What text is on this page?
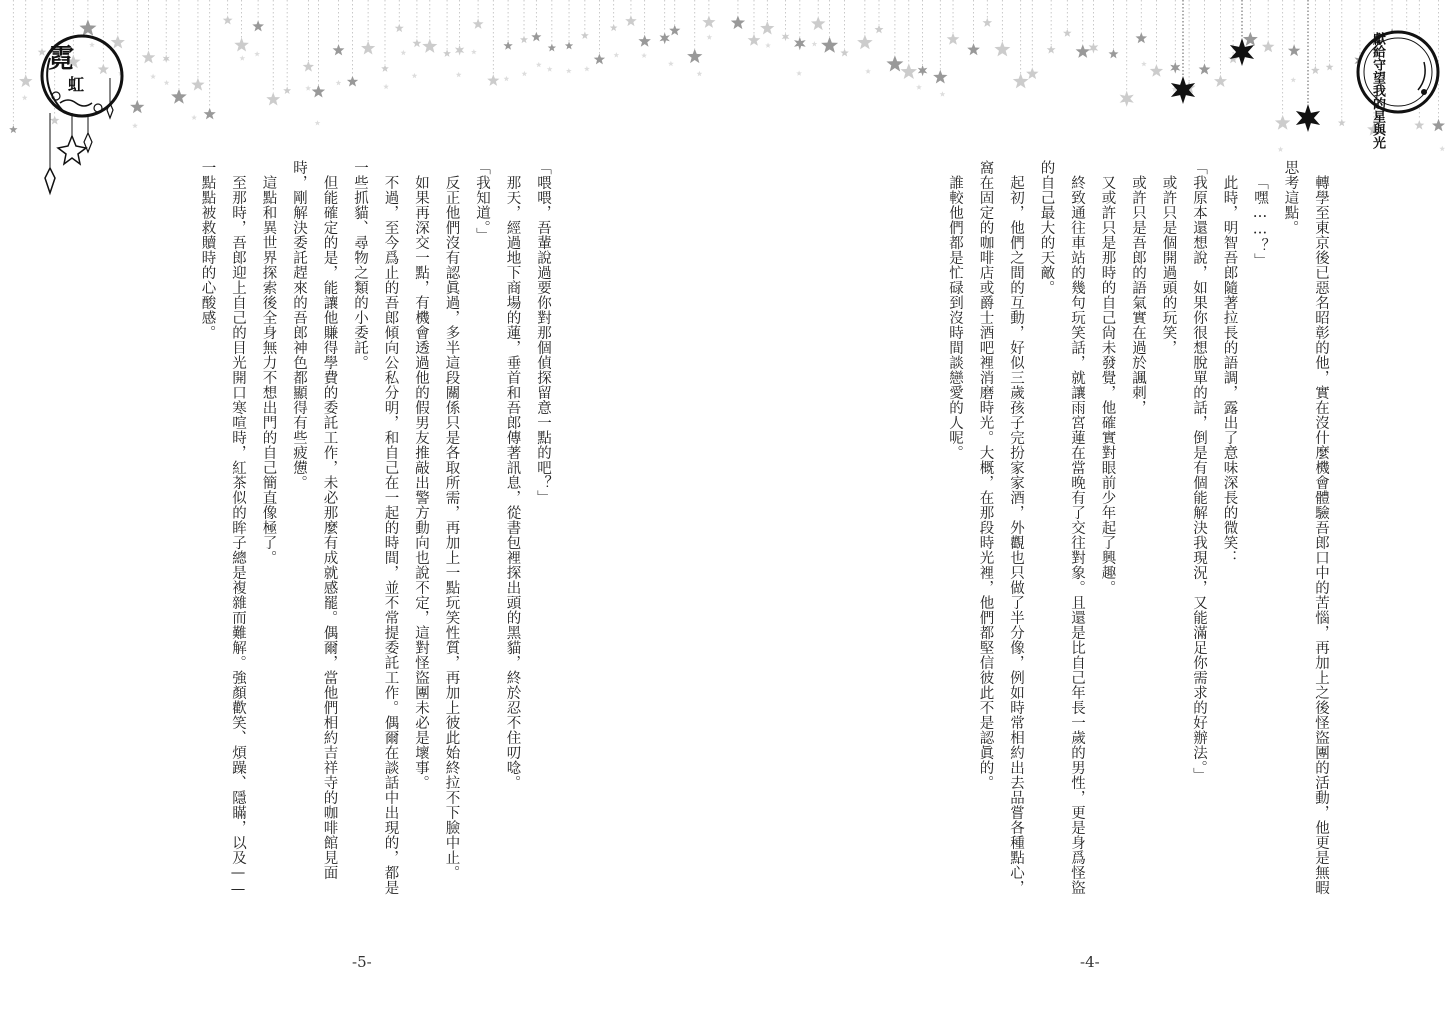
霓
虹

「喂喂，吾輩說過要你對那個偵探留意一點的吧？」

那天，經過地下商場的蓮，垂首和吾郎傳著訊息，從書包裡探出頭的黑貓，終於忍不住叨唸。

「我知道。」

反正他們沒有認眞過，多半這段關係只是各取所需，再加上一點玩笑性質，再加上彼此始終拉不下臉中止。

如果再深交一點，有機會透過他的假男友推敲出警方動向也說不定，這對怪盜團未必是壞事。

不過，至今爲止的吾郎傾向公私分明，和自己在一起的時間，並不常提委託工作。偶爾在談話中出現的，都是一些抓貓、尋物之類的小委託。

但能確定的是，能讓他賺得學費的委託工作，未必那麼有成就感罷。偶爾，當他們相約吉祥寺的咖啡館見面時，剛解決委託趕來的吾郎神色都顯得有些疲憊。

這點和異世界探索後全身無力不想出門的自己簡直像極了。

至那時，吾郎迎上自己的目光開口寒喧時，紅茶似的眸子總是複雜而難解。強顏歡笑、煩躁、隱瞞，以及——一點點被救贖時的心酸感。

-5-
獻給守望我的星與光

轉學至東京後已惡名昭彰的他，實在沒什麼機會體驗吾郎口中的苦惱，再加上之後怪盜團的活動，他更是無暇思考這點。

「嘿……？」

此時，明智吾郎隨著拉長的語調，露出了意味深長的微笑：

「我原本還想說，如果你很想脫單的話，倒是有個能解決我現況，又能滿足你需求的好辦法。」

或許只是個開過頭的玩笑，

或許只是吾郎的語氣實在過於諷刺，

又或許只是那時的自己尙未發覺，他確實對眼前少年起了興趣。

終致通往車站的幾句玩笑話，就讓雨宮蓮在當晚有了交往對象。且還是比自己年長一歲的男性，更是身爲怪盜的自己最大的天敵。

起初，他們之間的互動，好似三歲孩子完扮家家酒，外觀也只做了半分像，例如時常相約出去品嘗各種點心，窩在固定的咖啡店或爵士酒吧裡消磨時光。大概，在那段時光裡，他們都堅信彼此不是認眞的。

誰較他們都是忙碌到沒時間談戀愛的人呢。

-4-
